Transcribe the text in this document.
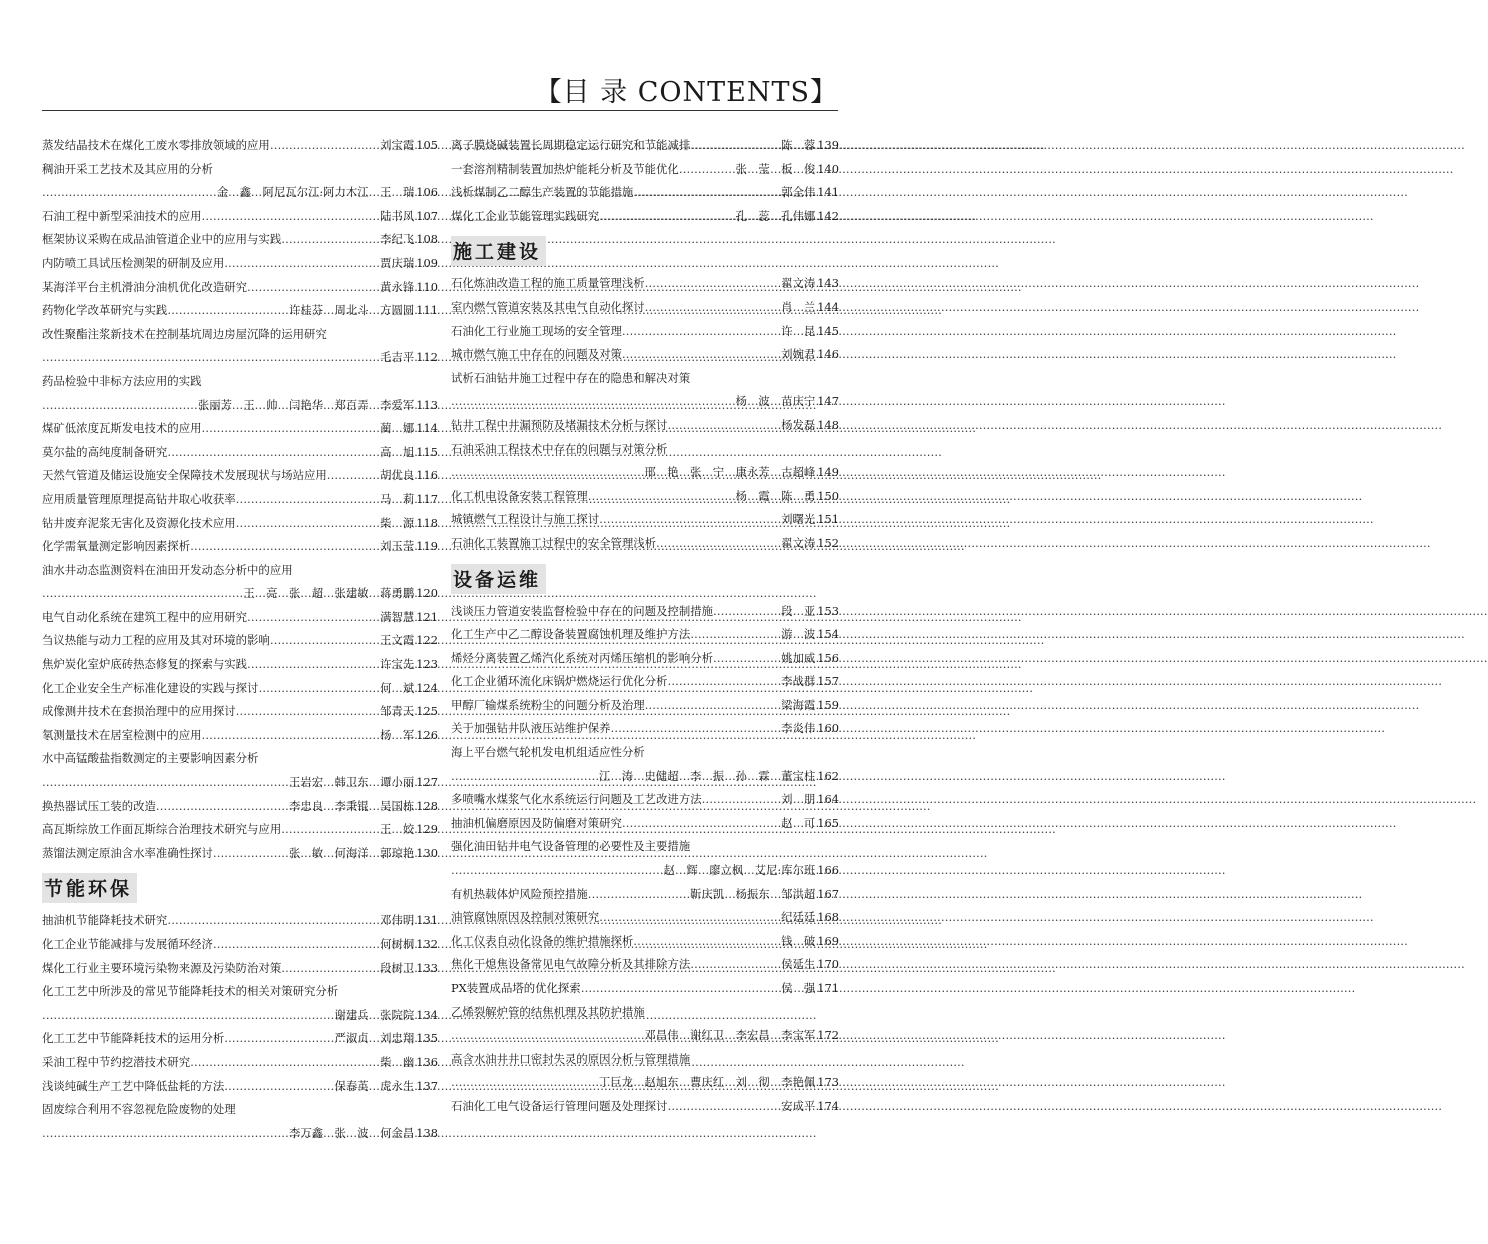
【目 录 CONTENTS】
蒸发结晶技术在煤化工废水零排放领域的应用 ……………………………………………………………………………………………………………………………………………………………………………………	刘宝霞 105
稠油开采工艺技术及其应用的分析
……………………………………………………………………………………………………………………………………………………………………………………
金　鑫　阿尼瓦尔江·阿力木江　王　瑞 106
石油工程中新型采油技术的应用 ……………………………………………………………………………………………………………………………………………………………………………………	陆书风 107
框架协议采购在成品油管道企业中的应用与实践 ……………………………………………………………………………………………………………………………………………………………………………………	李纪飞 108
内防喷工具试压检测架的研制及应用 ……………………………………………………………………………………………………………………………………………………………………………………	贾庆瑞 109
某海洋平台主机滑油分油机优化改造研究 ……………………………………………………………………………………………………………………………………………………………………………………	黄永锋 110
药物化学改革研究与实践 ……………………………………………………………………………………………………………………………………………………………………………………	许桂芬　周北斗　方圆圆 111
改性聚酯注浆新技术在控制基坑周边房屋沉降的运用研究
……………………………………………………………………………………………………………………………………………………………………………………
毛吉平 112
药品检验中非标方法应用的实践
……………………………………………………………………………………………………………………………………………………………………………………
张丽芳　王　帅　闫艳华　郑百弄　李爱军 113
煤矿低浓度瓦斯发电技术的应用 ……………………………………………………………………………………………………………………………………………………………………………………	蔺　娜 114
莫尔盐的高纯度制备研究 ……………………………………………………………………………………………………………………………………………………………………………………	高　旭 115
天然气管道及储运设施安全保障技术发展现状与场站应用 ……………………………………………………………………………………………………………………………………………………………………………………	胡优良 116
应用质量管理原理提高钻井取心收获率 ……………………………………………………………………………………………………………………………………………………………………………………	马　莉 117
钻井废弃泥浆无害化及资源化技术应用 ……………………………………………………………………………………………………………………………………………………………………………………	柴　源 118
化学需氧量测定影响因素探析 ……………………………………………………………………………………………………………………………………………………………………………………	刘玉莹 119
油水井动态监测资料在油田开发动态分析中的应用
……………………………………………………………………………………………………………………………………………………………………………………
王　亮　张　超　张建敏　蒋勇鹏 120
电气自动化系统在建筑工程中的应用研究 ……………………………………………………………………………………………………………………………………………………………………………………	满智慧 121
刍议热能与动力工程的应用及其对环境的影响 ……………………………………………………………………………………………………………………………………………………………………………………	王文霞 122
焦炉炭化室炉底砖热态修复的探索与实践 ……………………………………………………………………………………………………………………………………………………………………………………	许宝先 123
化工企业安全生产标准化建设的实践与探讨 ……………………………………………………………………………………………………………………………………………………………………………………	何　斌 124
成像测井技术在套损治理中的应用探讨 ……………………………………………………………………………………………………………………………………………………………………………………	邹青天 125
氡测量技术在居室检测中的应用 ……………………………………………………………………………………………………………………………………………………………………………………	杨　军 126
水中高锰酸盐指数测定的主要影响因素分析
……………………………………………………………………………………………………………………………………………………………………………………
王岩宏　韩卫东　谭小丽 127
换热器试压工装的改造 ……………………………………………………………………………………………………………………………………………………………………………………	李忠良　李秉锟　吴国栋 128
高瓦斯综放工作面瓦斯综合治理技术研究与应用 ……………………………………………………………………………………………………………………………………………………………………………………	王　姣 129
蒸馏法测定原油含水率准确性探讨 ……………………………………………………………………………………………………………………………………………………………………………………	张　敏　何海洋　郭琼艳 130
节能环保
抽油机节能降耗技术研究 ……………………………………………………………………………………………………………………………………………………………………………………	邓伟明 131
化工企业节能减排与发展循环经济 ……………………………………………………………………………………………………………………………………………………………………………………	何树桐 132
煤化工行业主要环境污染物来源及污染防治对策 ……………………………………………………………………………………………………………………………………………………………………………………	段树卫 133
化工工艺中所涉及的常见节能降耗技术的相关对策研究分析
……………………………………………………………………………………………………………………………………………………………………………………
谢建兵　张院院 134
化工工艺中节能降耗技术的运用分析 ……………………………………………………………………………………………………………………………………………………………………………………	严淑贞　刘忠翔 135
采油工程中节约挖潜技术研究 ……………………………………………………………………………………………………………………………………………………………………………………	柴　幽 136
浅谈纯碱生产工艺中降低盐耗的方法 ……………………………………………………………………………………………………………………………………………………………………………………	保春英　虎永生 137
固废综合利用不容忽视危险废物的处理
……………………………………………………………………………………………………………………………………………………………………………………
李万鑫　张　波　何金昌 138
离子膜烧碱装置长周期稳定运行研究和节能减排 ……………………………………………………………………………………………………………………………………………………………………………………	陈　蓉 139
一套溶剂精制装置加热炉能耗分析及节能优化 ……………………………………………………………………………………………………………………………………………………………………………………	张　莹　板　俊 140
浅析煤制乙二醇生产装置的节能措施 ……………………………………………………………………………………………………………………………………………………………………………………	郭全伟 141
煤化工企业节能管理实践研究 ……………………………………………………………………………………………………………………………………………………………………………………	孔　蕊　孔伟娜 142
施工建设
石化炼油改造工程的施工质量管理浅析 ……………………………………………………………………………………………………………………………………………………………………………………	翟文涛 143
室内燃气管道安装及其电气自动化探讨 ……………………………………………………………………………………………………………………………………………………………………………………	肖　兰 144
石油化工行业施工现场的安全管理 ……………………………………………………………………………………………………………………………………………………………………………………	许　昆 145
城市燃气施工中存在的问题及对策 ……………………………………………………………………………………………………………………………………………………………………………………	刘婉君 146
试析石油钻井施工过程中存在的隐患和解决对策
……………………………………………………………………………………………………………………………………………………………………………………
杨　波　苗庆宁 147
钻井工程中井漏预防及堵漏技术分析与探讨 ……………………………………………………………………………………………………………………………………………………………………………………	杨发磊 148
石油采油工程技术中存在的问题与对策分析
……………………………………………………………………………………………………………………………………………………………………………………
邢　艳　张　宁　康永芳　古超峰 149
化工机电设备安装工程管理 ……………………………………………………………………………………………………………………………………………………………………………………	杨　霞　陈　勇 150
城镇燃气工程设计与施工探讨 ……………………………………………………………………………………………………………………………………………………………………………………	刘曙光 151
石油化工装置施工过程中的安全管理浅析 ……………………………………………………………………………………………………………………………………………………………………………………	翟文涛 152
设备运维
浅谈压力管道安装监督检验中存在的问题及控制措施 ……………………………………………………………………………………………………………………………………………………………………………………	段　亚 153
化工生产中乙二醇设备装置腐蚀机理及维护方法 ……………………………………………………………………………………………………………………………………………………………………………………	游　波 154
烯烃分离装置乙烯汽化系统对丙烯压缩机的影响分析 ……………………………………………………………………………………………………………………………………………………………………………………	姚加威 156
化工企业循环流化床锅炉燃烧运行优化分析 ……………………………………………………………………………………………………………………………………………………………………………………	李战群 157
甲醇厂输煤系统粉尘的问题分析及治理 ……………………………………………………………………………………………………………………………………………………………………………………	梁海霞 159
关于加强钻井队液压站维护保养 ……………………………………………………………………………………………………………………………………………………………………………………	李炎伟 160
海上平台燃气轮机发电机组适应性分析
……………………………………………………………………………………………………………………………………………………………………………………
江　涛　史健超　李　振　孙　霖　董宝柱 162
多喷嘴水煤浆气化水系统运行问题及工艺改进方法 ……………………………………………………………………………………………………………………………………………………………………………………	刘　朋 164
抽油机偏磨原因及防偏磨对策研究 ……………………………………………………………………………………………………………………………………………………………………………………	赵　可 165
强化油田钻井电气设备管理的必要性及主要措施
……………………………………………………………………………………………………………………………………………………………………………………
赵　辉　廖立枫　艾尼·库尔班 166
有机热载体炉风险预控措施 ……………………………………………………………………………………………………………………………………………………………………………………	靳庆凯　杨振东　邹洪超 167
油管腐蚀原因及控制对策研究 ……………………………………………………………………………………………………………………………………………………………………………………	纪廷廷 168
化工仪表自动化设备的维护措施探析 ……………………………………………………………………………………………………………………………………………………………………………………	钱　破 169
焦化干熄焦设备常见电气故障分析及其排除方法 ……………………………………………………………………………………………………………………………………………………………………………………	侯延生 170
PX装置成品塔的优化探索 ……………………………………………………………………………………………………………………………………………………………………………………	侯　强 171
乙烯裂解炉管的结焦机理及其防护措施
……………………………………………………………………………………………………………………………………………………………………………………
邓昌伟　谢红卫　李宏昌　李宝军 172
高含水油井井口密封失灵的原因分析与管理措施
……………………………………………………………………………………………………………………………………………………………………………………
丁巨龙　赵旭东　曹庆红　刘　彻　李艳佩 173
石油化工电气设备运行管理问题及处理探讨 ……………………………………………………………………………………………………………………………………………………………………………………	安成平 174
